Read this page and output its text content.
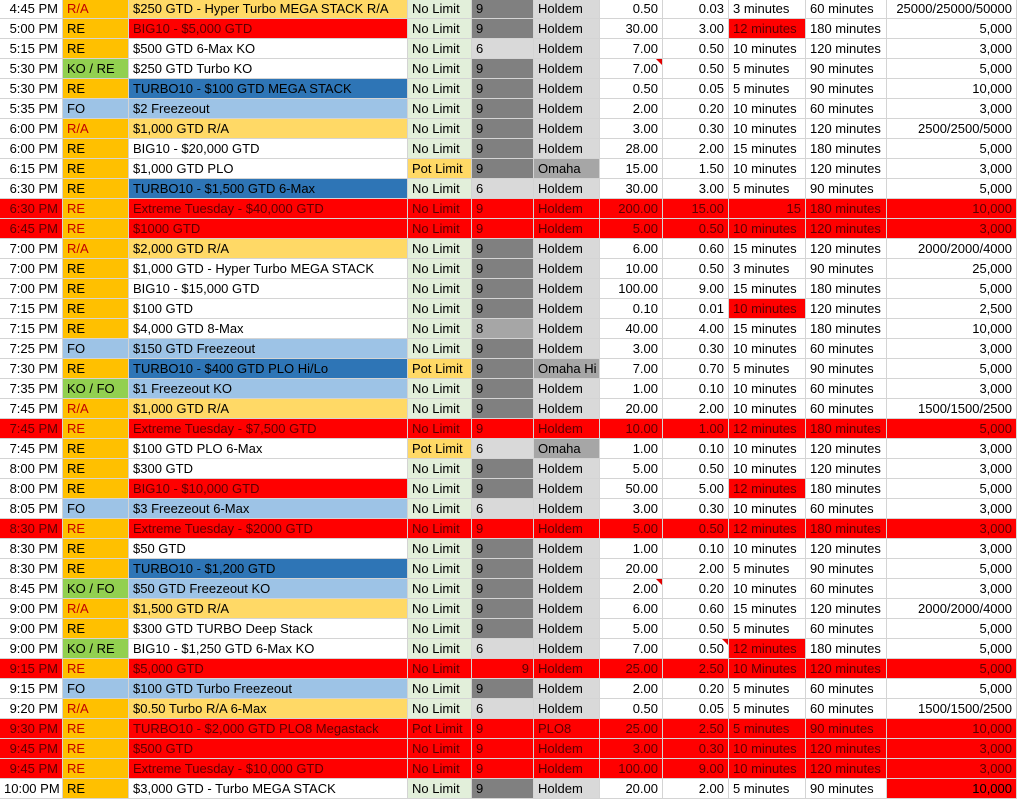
4:45 PM R/A	$250 GTD - Hyper Turbo MEGA STACK R/A	No Limit	9	Holdem	0.50	0.03 3 minutes	60 minutes	25000/25000/50000
5:00 PM RE	BIG10 - $5,000 GTD	No Limit	9	Holdem	30.00	3.00 12 minutes	180 minutes	5,000
5:15 PM RE	$500 GTD 6-Max KO	No Limit	6	Holdem	7.00	0.50 10 minutes	120 minutes	3,000
5:30 PM KO / RE	$250 GTD Turbo KO	No Limit	9	Holdem	7.00	0.50 5 minutes	90 minutes	5,000
5:30 PM RE	TURBO10 - $100 GTD MEGA STACK	No Limit	9	Holdem	0.50	0.05 5 minutes	90 minutes	10,000
5:35 PM FO	$2 Freezeout	No Limit	9	Holdem	2.00	0.20 10 minutes	60 minutes	3,000
6:00 PM R/A	$1,000 GTD R/A	No Limit	9	Holdem	3.00	0.30 10 minutes	120 minutes	2500/2500/5000
6:00 PM RE	BIG10 - $20,000 GTD	No Limit	9	Holdem	28.00	2.00 15 minutes	180 minutes	5,000
6:15 PM RE	$1,000 GTD PLO	Pot Limit	9	Omaha	15.00	1.50 10 minutes	120 minutes	3,000
6:30 PM RE	TURBO10 - $1,500 GTD 6-Max	No Limit	6	Holdem	30.00	3.00 5 minutes	90 minutes	5,000
6:30 PM RE	Extreme Tuesday - $40,000 GTD	No Limit	9	Holdem	200.00	15.00	15 180 minutes	10,000
6:45 PM RE	$1000 GTD	No Limit	9	Holdem	5.00	0.50 10 minutes	120 minutes	3,000
7:00 PM R/A	$2,000 GTD R/A	No Limit	9	Holdem	6.00	0.60 15 minutes	120 minutes	2000/2000/4000
7:00 PM RE	$1,000 GTD - Hyper Turbo MEGA STACK	No Limit	9	Holdem	10.00	0.50 3 minutes	90 minutes	25,000
7:00 PM RE	BIG10 - $15,000 GTD	No Limit	9	Holdem	100.00	9.00 15 minutes	180 minutes	5,000
7:15 PM RE	$100 GTD	No Limit	9	Holdem	0.10	0.01 10 minutes	120 minutes	2,500
7:15 PM RE	$4,000 GTD 8-Max	No Limit	8	Holdem	40.00	4.00 15 minutes	180 minutes	10,000
7:25 PM FO	$150 GTD Freezeout	No Limit	9	Holdem	3.00	0.30 10 minutes	60 minutes	3,000
7:30 PM RE	TURBO10 - $400 GTD PLO Hi/Lo	Pot Limit	9	Omaha Hi	7.00	0.70 5 minutes	90 minutes	5,000
7:35 PM KO / FO	$1 Freezeout KO	No Limit	9	Holdem	1.00	0.10 10 minutes	60 minutes	3,000
7:45 PM R/A	$1,000 GTD R/A	No Limit	9	Holdem	20.00	2.00 10 minutes	60 minutes	1500/1500/2500
7:45 PM RE	Extreme Tuesday - $7,500 GTD	No Limit	9	Holdem	10.00	1.00 12 minutes	180 minutes	5,000
7:45 PM RE	$100 GTD PLO 6-Max	Pot Limit	6	Omaha	1.00	0.10 10 minutes	120 minutes	3,000
8:00 PM RE	$300 GTD	No Limit	9	Holdem	5.00	0.50 10 minutes	120 minutes	3,000
8:00 PM RE	BIG10 - $10,000 GTD	No Limit	9	Holdem	50.00	5.00 12 minutes	180 minutes	5,000
8:05 PM FO	$3 Freezeout 6-Max	No Limit	6	Holdem	3.00	0.30 10 minutes	60 minutes	3,000
8:30 PM RE	Extreme Tuesday - $2000 GTD	No Limit	9	Holdem	5.00	0.50 12 minutes	180 minutes	3,000
8:30 PM RE	$50 GTD	No Limit	9	Holdem	1.00	0.10 10 minutes	120 minutes	3,000
8:30 PM RE	TURBO10 - $1,200 GTD	No Limit	9	Holdem	20.00	2.00 5 minutes	90 minutes	5,000
8:45 PM KO / FO	$50 GTD Freezeout KO	No Limit	9	Holdem	2.00	0.20 10 minutes	60 minutes	3,000
9:00 PM R/A	$1,500 GTD R/A	No Limit	9	Holdem	6.00	0.60 15 minutes	120 minutes	2000/2000/4000
9:00 PM RE	$300 GTD TURBO Deep Stack	No Limit	9	Holdem	5.00	0.50 5 minutes	60 minutes	5,000
9:00 PM KO / RE	BIG10 - $1,250 GTD 6-Max KO	No Limit	6	Holdem	7.00	0.50 12 minutes	180 minutes	5,000
9:15 PM RE	$5,000 GTD	No Limit	9 Holdem	25.00	2.50 10 Minutes	120 minutes	5,000
9:15 PM FO	$100 GTD Turbo Freezeout	No Limit	9	Holdem	2.00	0.20 5 minutes	60 minutes	5,000
9:20 PM R/A	$0.50 Turbo R/A 6-Max	No Limit	6	Holdem	0.50	0.05 5 minutes	60 minutes	1500/1500/2500
9:30 PM RE	TURBO10 - $2,000 GTD PLO8 Megastack	Pot Limit	9	PLO8	25.00	2.50 5 minutes	90 minutes	10,000
9:45 PM RE	$500 GTD	No Limit	9	Holdem	3.00	0.30 10 minutes	120 minutes	3,000
9:45 PM RE	Extreme Tuesday - $10,000 GTD	No Limit	9	Holdem	100.00	9.00 10 minutes	120 minutes	3,000
10:00 PM RE	$3,000 GTD - Turbo MEGA STACK	No Limit	9	Holdem	20.00	2.00 5 minutes	90 minutes	10,000
